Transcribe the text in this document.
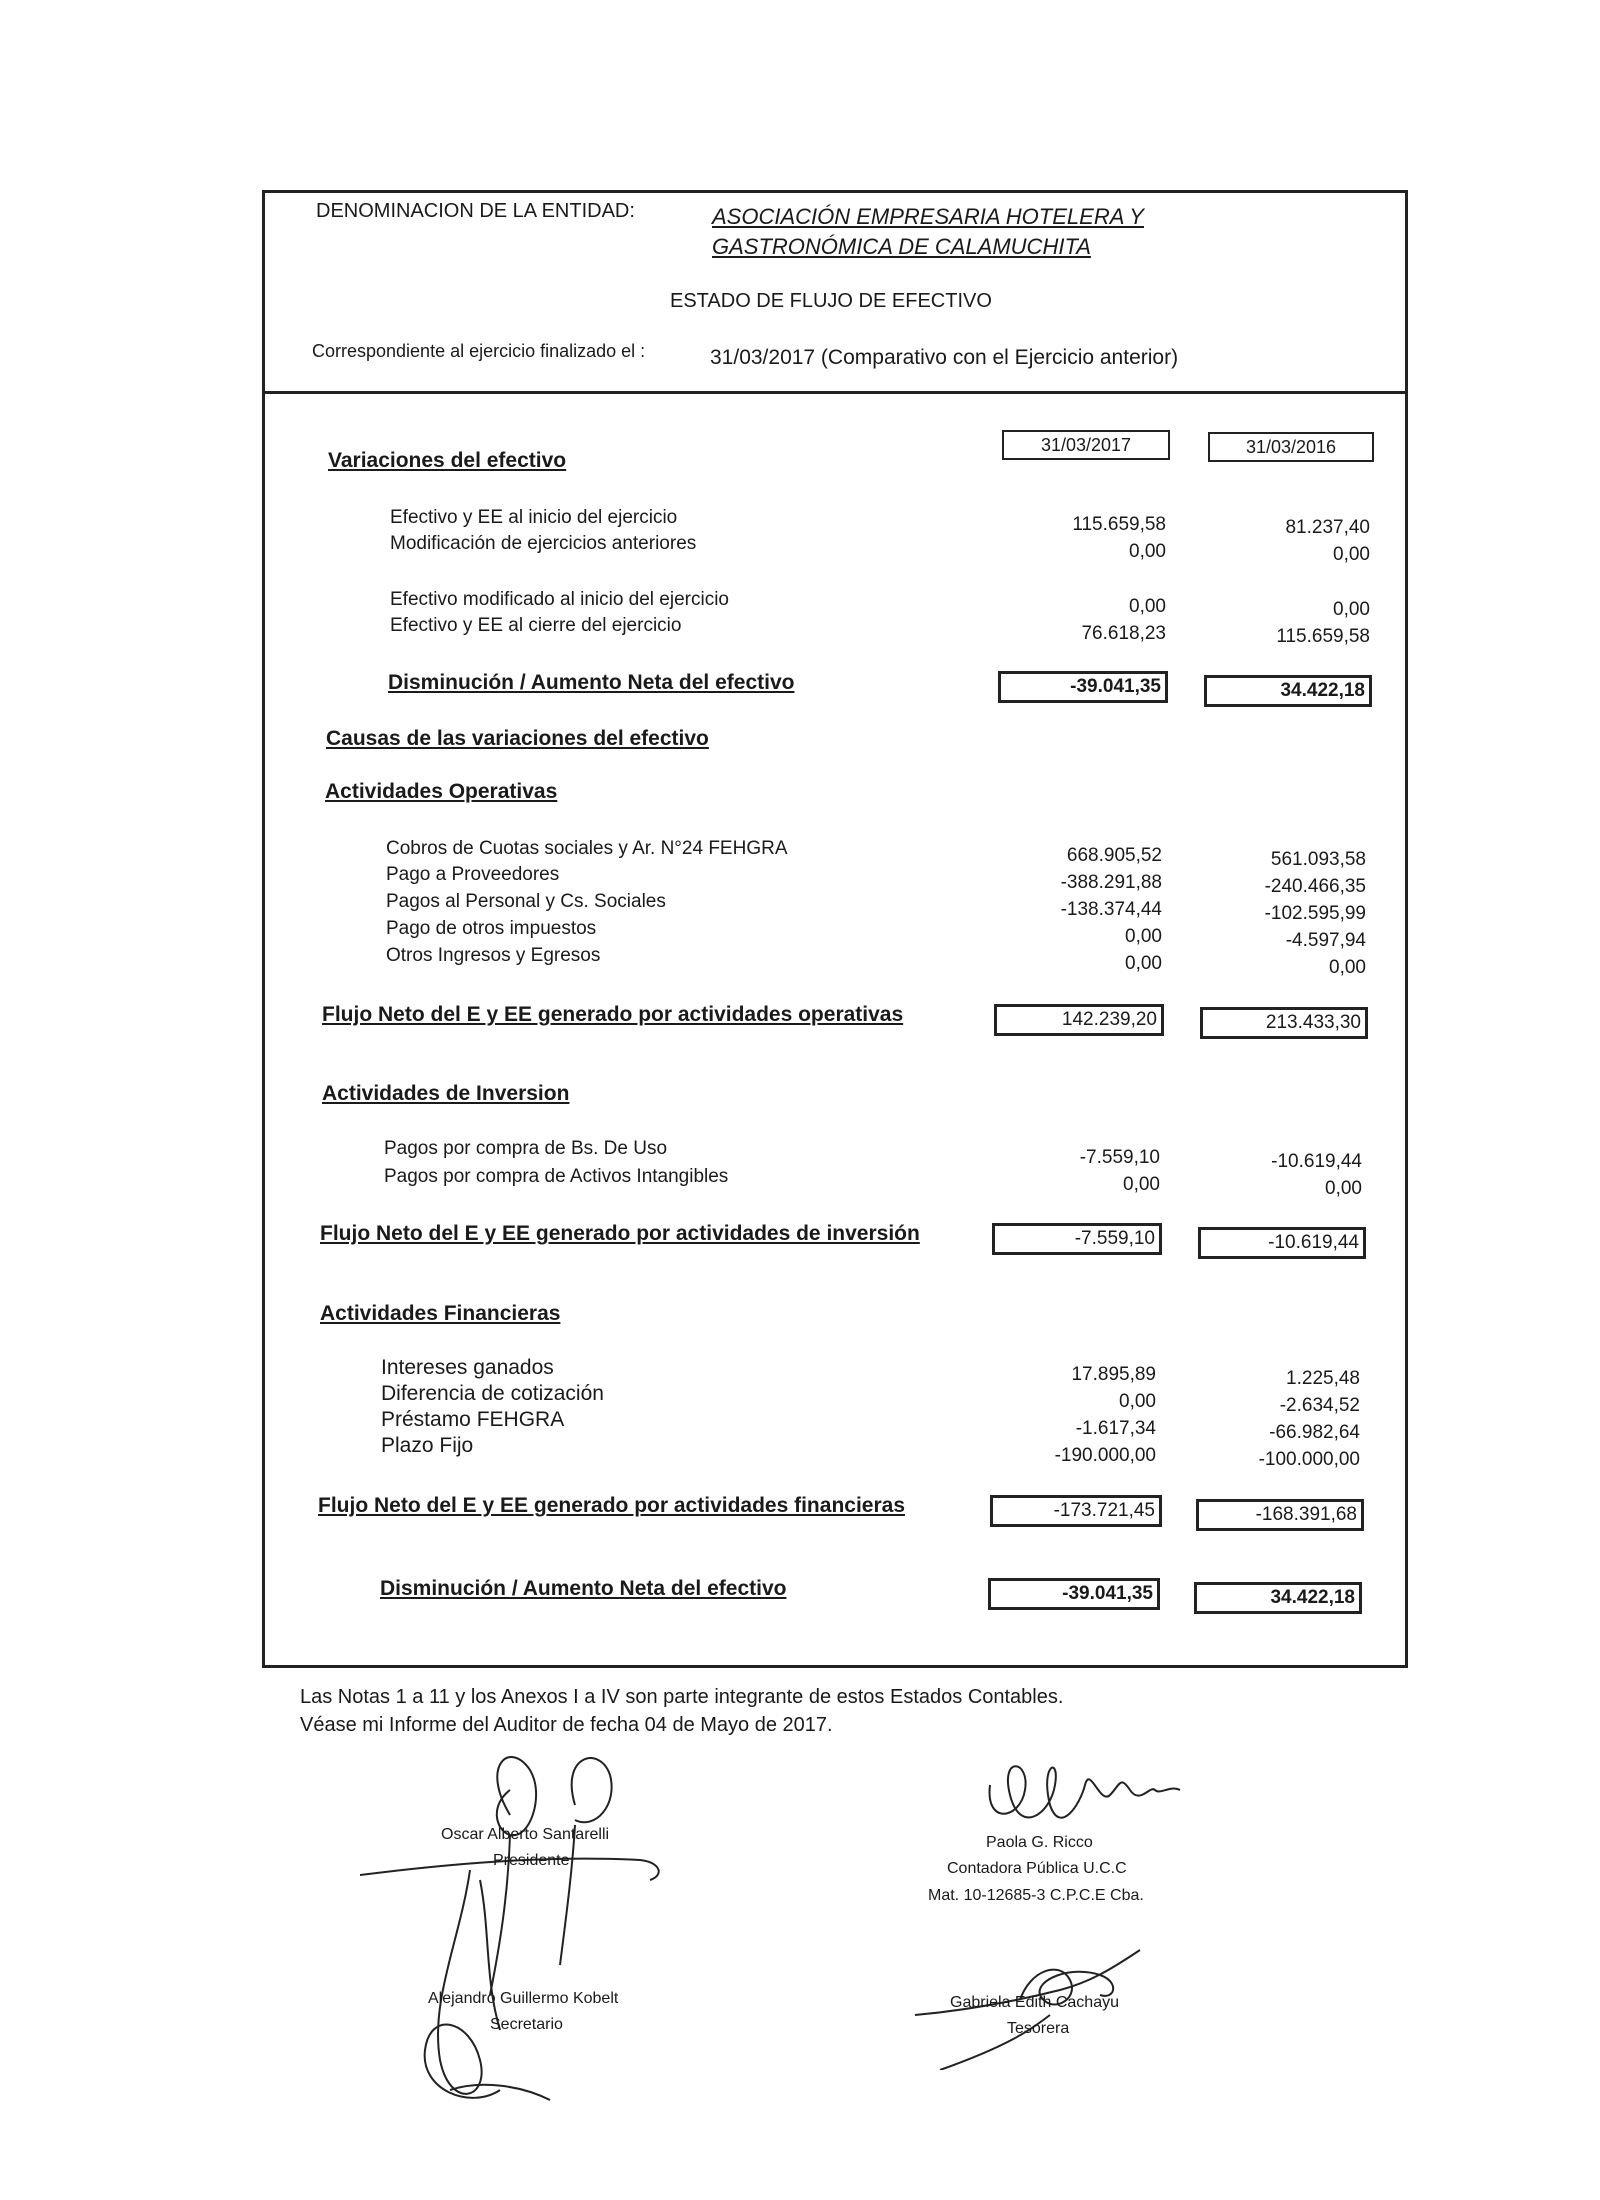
DENOMINACION DE LA ENTIDAD:	ASOCIACIÓN EMPRESARIA HOTELERA Y
GASTRONÓMICA DE CALAMUCHITA
ESTADO DE FLUJO DE EFECTIVO
Correspondiente al ejercicio finalizado el :	31/03/2017 (Comparativo con el Ejercicio anterior)
31/03/2017	31/03/2016
Variaciones del efectivo
Efectivo y EE al inicio del ejercicio	115.659,58	81.237,40
Modificación de ejercicios anteriores	0,00	0,00
Efectivo modificado al inicio del ejercicio	0,00	0,00
Efectivo y EE al cierre del ejercicio	76.618,23	115.659,58
Disminución / Aumento Neta del efectivo	-39.041,35	34.422,18
Causas de las variaciones del efectivo
Actividades Operativas
Cobros de Cuotas sociales y Ar. N°24 FEHGRA	668.905,52	561.093,58
Pago a Proveedores	-388.291,88	-240.466,35
Pagos al Personal y Cs. Sociales	-138.374,44	-102.595,99
Pago de otros impuestos	0,00	-4.597,94
Otros Ingresos y Egresos	0,00	0,00
Flujo Neto del E y EE generado por actividades operativas	142.239,20	213.433,30
Actividades de Inversion
Pagos por compra de Bs. De Uso	-7.559,10	-10.619,44
Pagos por compra de Activos Intangibles	0,00	0,00
Flujo Neto del E y EE generado por actividades de inversión	-7.559,10	-10.619,44
Actividades Financieras
Intereses ganados	17.895,89	1.225,48
Diferencia de cotización	0,00	-2.634,52
Préstamo FEHGRA	-1.617,34	-66.982,64
Plazo Fijo	-190.000,00	-100.000,00
Flujo Neto del E y EE generado por actividades financieras	-173.721,45	-168.391,68
Disminución / Aumento Neta del efectivo	-39.041,35	34.422,18
Las Notas 1 a 11 y los Anexos I a IV son parte integrante de estos Estados Contables.
Véase mi Informe del Auditor de fecha 04 de Mayo de 2017.
Oscar Alberto Santarelli
Presidente
Paola G. Ricco
Contadora Pública U.C.C
Mat. 10-12685-3 C.P.C.E Cba.
Alejandro Guillermo Kobelt
Secretario
Gabriela Edith Cachayu
Tesorera
